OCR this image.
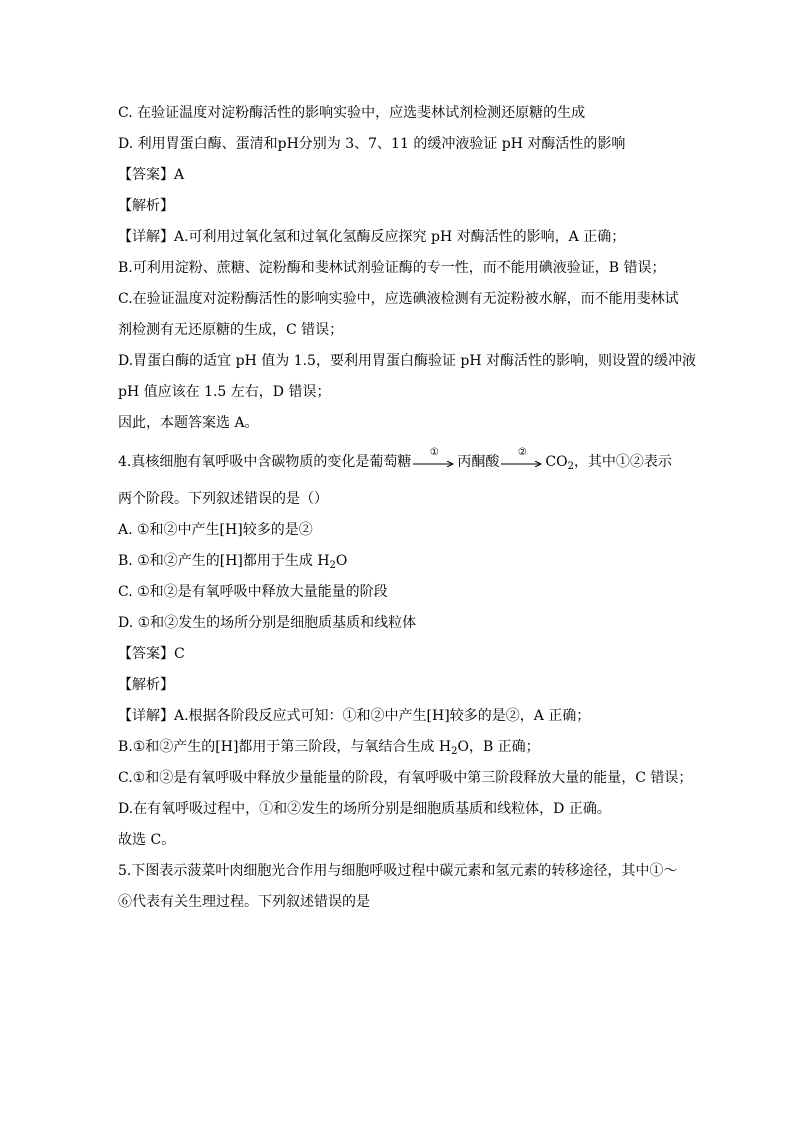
C. 在验证温度对淀粉酶活性的影响实验中，应选斐林试剂检测还原糖的生成
D. 利用胃蛋白酶、蛋清和pH分别为 3、7、11 的缓冲液验证 pH 对酶活性的影响
【答案】A
【解析】
【详解】A.可利用过氧化氢和过氧化氢酶反应探究 pH 对酶活性的影响，A 正确；
B.可利用淀粉、蔗糖、淀粉酶和斐林试剂验证酶的专一性，而不能用碘液验证，B 错误；
C.在验证温度对淀粉酶活性的影响实验中，应选碘液检测有无淀粉被水解，而不能用斐林试
剂检测有无还原糖的生成，C 错误；
D.胃蛋白酶的适宜 pH 值为 1.5，要利用胃蛋白酶验证 pH 对酶活性的影响，则设置的缓冲液
pH 值应该在 1.5 左右，D 错误；
因此，本题答案选 A。
4.真核细胞有氧呼吸中含碳物质的变化是葡萄糖
①
丙酮酸
②
$CO_2$，其中①②表示
两个阶段。下列叙述错误的是（）
A. ①和②中产生[H]较多的是②
B. ①和②产生的[H]都用于生成 $H_2O$
C. ①和②是有氧呼吸中释放大量能量的阶段
D. ①和②发生的场所分别是细胞质基质和线粒体
【答案】C
【解析】
【详解】A.根据各阶段反应式可知：①和②中产生[H]较多的是②，A 正确；
B.①和②产生的[H]都用于第三阶段，与氧结合生成 $H_2O$，B 正确；
C.①和②是有氧呼吸中释放少量能量的阶段，有氧呼吸中第三阶段释放大量的能量，C 错误；
D.在有氧呼吸过程中，①和②发生的场所分别是细胞质基质和线粒体，D 正确。
故选 C。
5.下图表示菠菜叶肉细胞光合作用与细胞呼吸过程中碳元素和氢元素的转移途径，其中①～
⑥代表有关生理过程。下列叙述错误的是
